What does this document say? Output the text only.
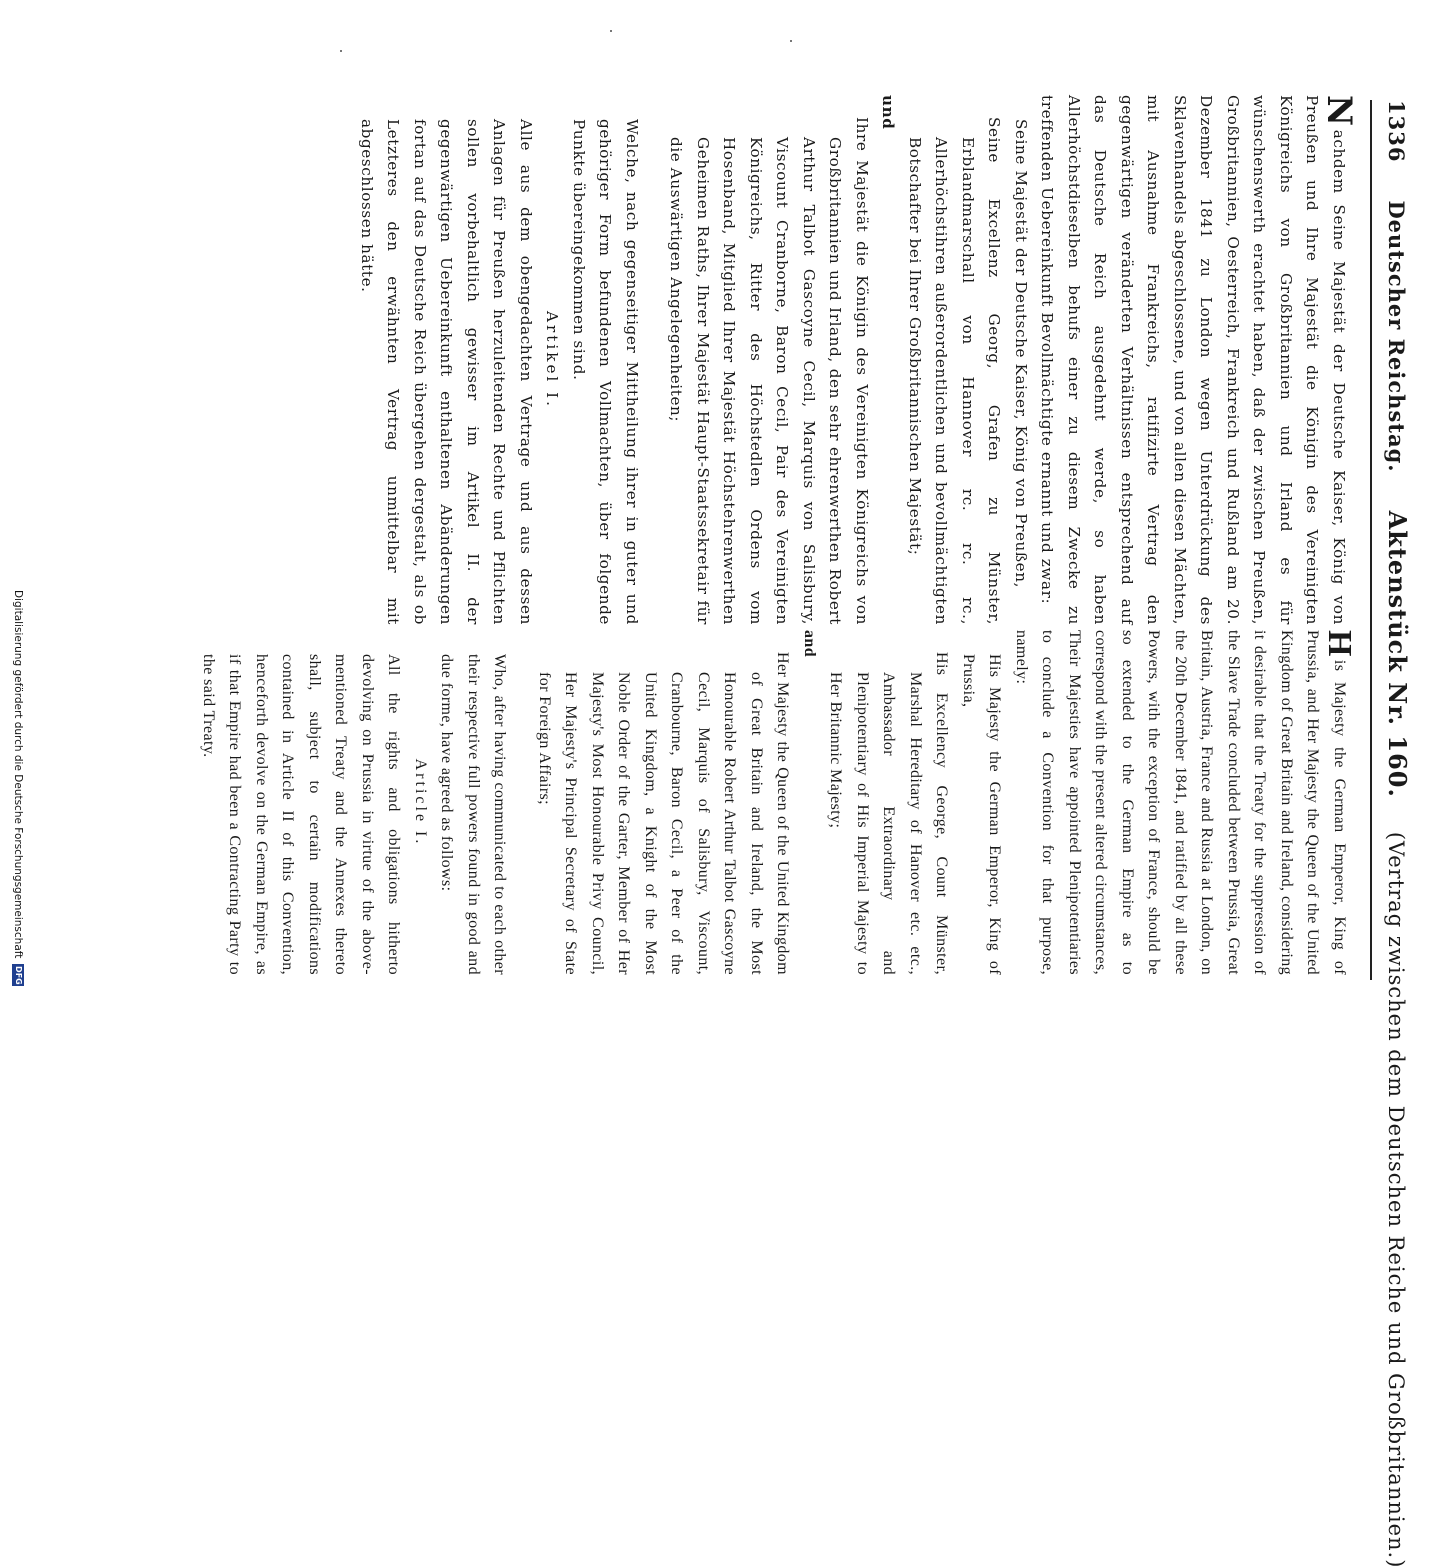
1336
Deutscher Reichstag.
Aktenstück Nr. 160.
(Vertrag zwischen dem Deutschen Reiche und Großbritannien.)

Nachdem Seine Majestät der Deutsche Kaiser, König von Preußen und Ihre Majestät die Königin des Vereinigten Königreichs von Großbritannien und Irland es für wünschenswerth erachtet haben, daß der zwischen Preußen, Großbritannien, Oesterreich, Frankreich und Rußland am 20. Dezember 1841 zu London wegen Unterdrückung des Sklavenhandels abgeschlossene, und von allen diesen Mächten, mit Ausnahme Frankreichs, ratifizirte Vertrag den gegenwärtigen veränderten Verhältnissen entsprechend auf das Deutsche Reich ausgedehnt werde, so haben Allerhöchstdieselben behufs einer zu diesem Zwecke zu treffenden Uebereinkunft Bevollmächtigte ernannt und zwar:

Seine Majestät der Deutsche Kaiser, König von Preußen,

Seine Excellenz Georg, Grafen zu Münster, Erblandmarschall von Hannover rc. rc. rc., Allerhöchstihren außerordentlichen und bevollmächtigten Botschafter bei Ihrer Großbritannischen Majestät;

und

Ihre Majestät die Königin des Vereinigten Königreichs von Großbritannien und Irland, den sehr ehrenwerthen Robert Arthur Talbot Gascoyne Cecil, Marquis von Salisbury, Viscount Cranborne, Baron Cecil, Pair des Vereinigten Königreichs, Ritter des Höchstedlen Ordens vom Hosenband, Mitglied Ihrer Majestät Höchstehrenwerthen Geheimen Raths, Ihrer Majestät Haupt-Staatssekretair für die Auswärtigen Angelegenheiten;

Welche, nach gegenseitiger Mittheilung ihrer in guter und gehöriger Form befundenen Vollmachten, über folgende Punkte übereingekommen sind.

Artikel I.

Alle aus dem obengedachten Vertrage und aus dessen Anlagen für Preußen herzuleitenden Rechte und Pflichten sollen vorbehaltlich gewisser im Artikel II. der gegenwärtigen Uebereinkunft enthaltenen Abänderungen fortan auf das Deutsche Reich übergehen dergestalt, als ob Letzteres den erwähnten Vertrag unmittelbar mit abgeschlossen hätte.

His Majesty the German Emperor, King of Prussia, and Her Majesty the Queen of the United Kingdom of Great Britain and Ireland, considering it desirable that the Treaty for the suppression of the Slave Trade concluded between Prussia, Great Britain, Austria, France and Russia at London, on the 20th December 1841, and ratified by all these Powers, with the exception of France, should be so extended to the German Empire as to correspond with the present altered circumstances, Their Majesties have appointed Plenipotentiaries to conclude a Convention for that purpose, namely:

His Majesty the German Emperor, King of Prussia,

His Excellency George, Count Münster, Marshal Hereditary of Hanover etc. etc., Ambassador Extraordinary and Plenipotentiary of His Imperial Majesty to Her Britannic Majesty;

and

Her Majesty the Queen of the United Kingdom of Great Britain and Ireland, the Most Honourable Robert Arthur Talbot Gascoyne Cecil, Marquis of Salisbury, Viscount, Cranbourne, Baron Cecil, a Peer of the United Kingdom, a Knight of the Most Noble Order of the Garter, Member of Her Majesty's Most Honourable Privy Council, Her Majesty's Principal Secretary of State for Foreign Affairs;

Who, after having communicated to each other their respective full powers found in good and due forme, have agreed as follows:

Article I.

All the rights and obligations hitherto devolving on Prussia in virtue of the above-mentioned Treaty and the Annexes thereto shall, subject to certain modifications contained in Article II of this Convention, henceforth devolve on the German Empire, as if that Empire had been a Contracting Party to the said Treaty.

Digitalisierung gefördert durch die Deutsche Forschungsgemeinschaft
DFG
